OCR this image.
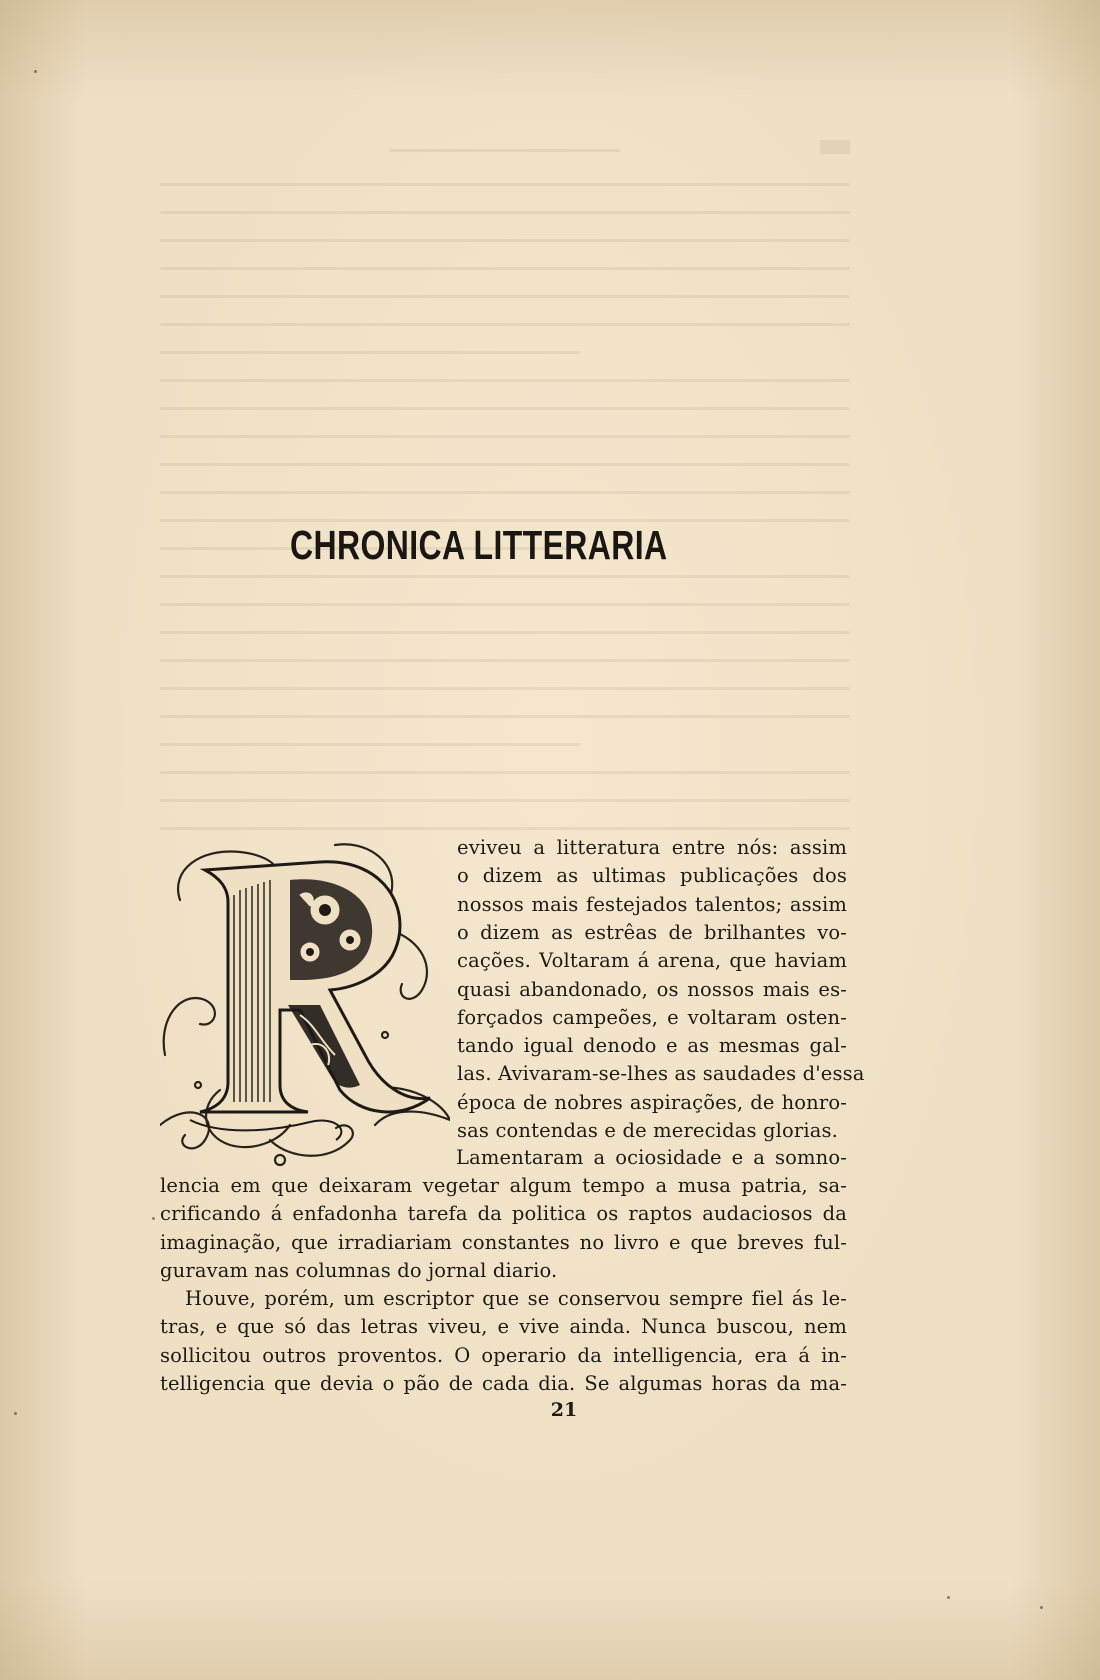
CHRONICA LITTERARIA
eviveu a litteratura entre nós: assim
o dizem as ultimas publicações dos
nossos mais festejados talentos; assim
o dizem as estrêas de brilhantes vo-
cações. Voltaram á arena, que haviam
quasi abandonado, os nossos mais es-
forçados campeões, e voltaram osten-
tando igual denodo e as mesmas gal-
las. Avivaram-se-lhes as saudades d'essa
época de nobres aspirações, de honro-
sas contendas e de merecidas glorias.
Lamentaram a ociosidade e a somno-
lencia em que deixaram vegetar algum tempo a musa patria, sa-
crificando á enfadonha tarefa da politica os raptos audaciosos da
imaginação, que irradiariam constantes no livro e que breves ful-
guravam nas columnas do jornal diario.
Houve, porém, um escriptor que se conservou sempre fiel ás le-
tras, e que só das letras viveu, e vive ainda. Nunca buscou, nem
sollicitou outros proventos. O operario da intelligencia, era á in-
telligencia que devia o pão de cada dia. Se algumas horas da ma-
21
